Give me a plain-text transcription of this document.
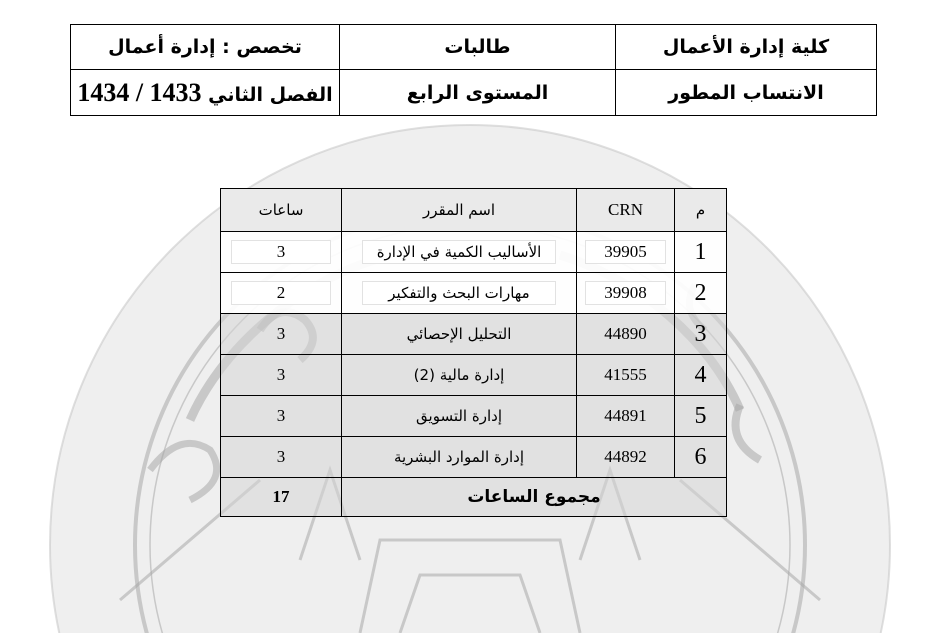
كلية إدارة الأعمال	طالبات	تخصص : إدارة أعمال
الانتساب المطور	المستوى الرابع	الفصل الثاني 1434 / 1433
م	CRN	اسم المقرر	ساعات
1	39905	الأساليب الكمية في الإدارة	3
2	39908	مهارات البحث والتفكير	2
3	44890	التحليل الإحصائي	3
4	41555	إدارة مالية (2)	3
5	44891	إدارة التسويق	3
6	44892	إدارة الموارد البشرية	3
مجموع الساعات			17
